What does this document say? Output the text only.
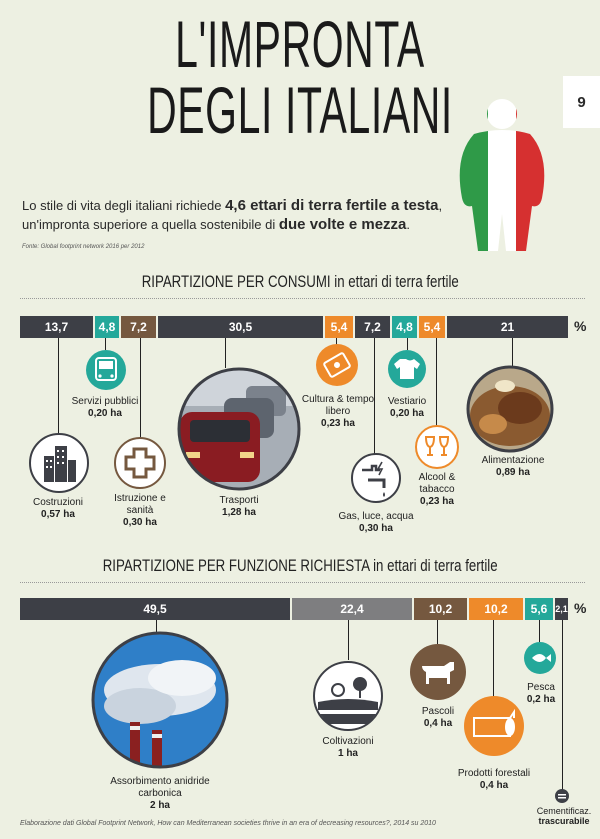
L'IMPRONTA
DEGLI ITALIANI	9
Lo stile di vita degli italiani richiede 4,6 ettari di terra fertile a testa,
un'impronta superiore a quella sostenibile di due volte e mezza.
Fonte: Global footprint network 2016 per 2012
RIPARTIZIONE PER CONSUMI in ettari di terra fertile
13,7	4,8	7,2	30,5	5,4	7,2	4,8 5,4	21	%
Costruzioni
0,57 ha
Servizi pubblici
0,20 ha
Istruzione e sanità
0,30 ha
Trasporti
1,28 ha
Cultura & tempo libero
0,23 ha
Gas, luce, acqua
0,30 ha
Vestiario
0,20 ha
Alcool & tabacco
0,23 ha
Alimentazione
0,89 ha
RIPARTIZIONE PER FUNZIONE RICHIESTA in ettari di terra fertile
49,5	22,4	10,2	10,2	5,6 2,1 %
Assorbimento anidride carbonica
2 ha
Coltivazioni
1 ha
Pascoli
0,4 ha
Prodotti forestali
0,4 ha
Pesca
0,2 ha
Cementificaz.
trascurabile
Elaborazione dati Global Footprint Network, How can Mediterranean societies thrive in an era of decreasing resources?, 2014 su 2010
